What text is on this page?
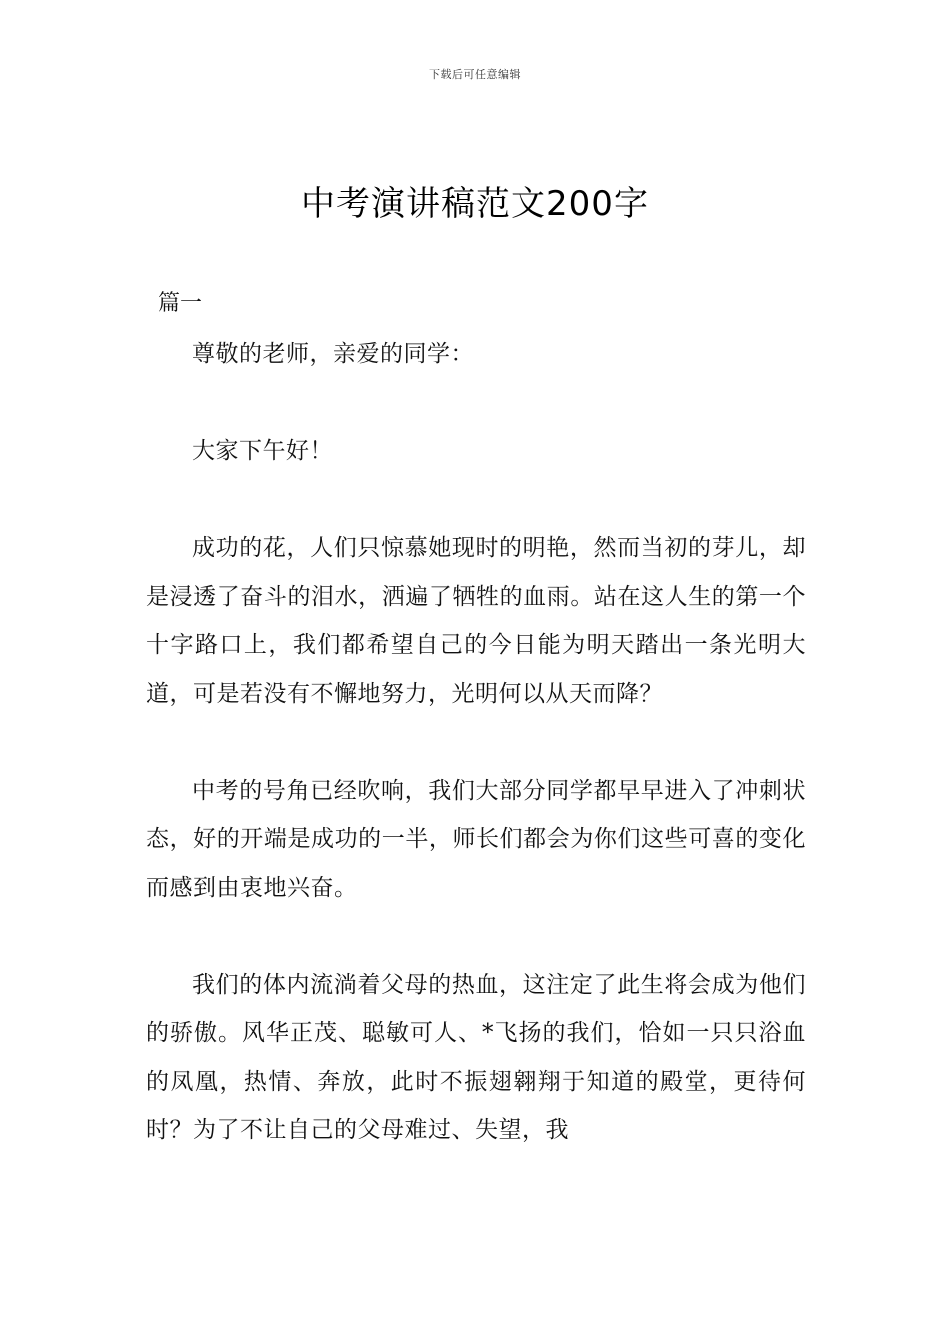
下载后可任意编辑
中考演讲稿范文200字
篇一

尊敬的老师，亲爱的同学：

大家下午好！

成功的花，人们只惊慕她现时的明艳，然而当初的芽儿，却是浸透了奋斗的泪水，洒遍了牺牲的血雨。站在这人生的第一个十字路口上，我们都希望自己的今日能为明天踏出一条光明大道，可是若没有不懈地努力，光明何以从天而降？

中考的号角已经吹响，我们大部分同学都早早进入了冲刺状态，好的开端是成功的一半，师长们都会为你们这些可喜的变化而感到由衷地兴奋。

我们的体内流淌着父母的热血，这注定了此生将会成为他们的骄傲。风华正茂、聪敏可人、*飞扬的我们，恰如一只只浴血的凤凰，热情、奔放，此时不振翅翱翔于知道的殿堂，更待何时？为了不让自己的父母难过、失望，我
